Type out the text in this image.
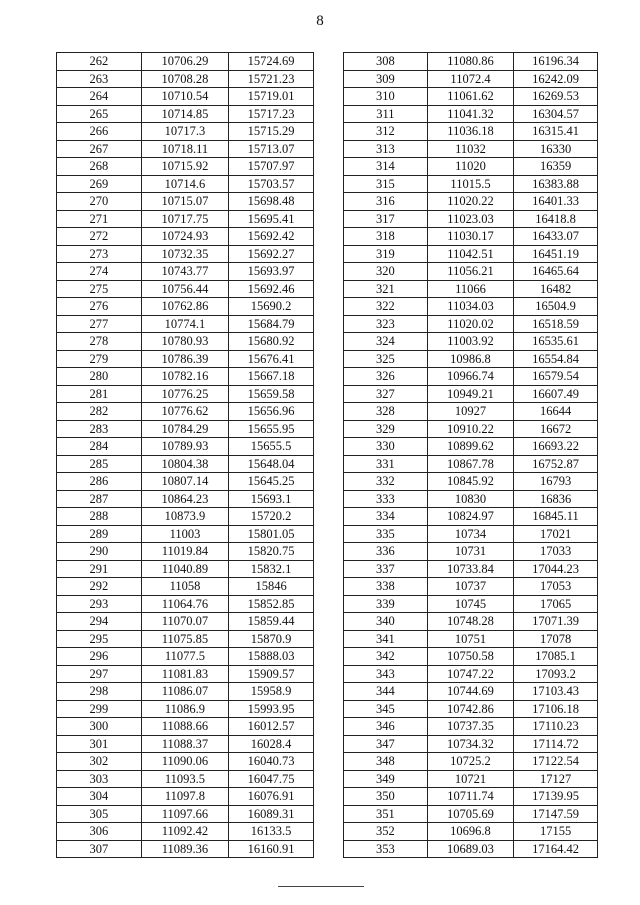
8
262	10706.29	15724.69
263	10708.28	15721.23
264	10710.54	15719.01
265	10714.85	15717.23
266	10717.3	15715.29
267	10718.11	15713.07
268	10715.92	15707.97
269	10714.6	15703.57
270	10715.07	15698.48
271	10717.75	15695.41
272	10724.93	15692.42
273	10732.35	15692.27
274	10743.77	15693.97
275	10756.44	15692.46
276	10762.86	15690.2
277	10774.1	15684.79
278	10780.93	15680.92
279	10786.39	15676.41
280	10782.16	15667.18
281	10776.25	15659.58
282	10776.62	15656.96
283	10784.29	15655.95
284	10789.93	15655.5
285	10804.38	15648.04
286	10807.14	15645.25
287	10864.23	15693.1
288	10873.9	15720.2
289	11003	15801.05
290	11019.84	15820.75
291	11040.89	15832.1
292	11058	15846
293	11064.76	15852.85
294	11070.07	15859.44
295	11075.85	15870.9
296	11077.5	15888.03
297	11081.83	15909.57
298	11086.07	15958.9
299	11086.9	15993.95
300	11088.66	16012.57
301	11088.37	16028.4
302	11090.06	16040.73
303	11093.5	16047.75
304	11097.8	16076.91
305	11097.66	16089.31
306	11092.42	16133.5
307	11089.36	16160.91
308	11080.86	16196.34
309	11072.4	16242.09
310	11061.62	16269.53
311	11041.32	16304.57
312	11036.18	16315.41
313	11032	16330
314	11020	16359
315	11015.5	16383.88
316	11020.22	16401.33
317	11023.03	16418.8
318	11030.17	16433.07
319	11042.51	16451.19
320	11056.21	16465.64
321	11066	16482
322	11034.03	16504.9
323	11020.02	16518.59
324	11003.92	16535.61
325	10986.8	16554.84
326	10966.74	16579.54
327	10949.21	16607.49
328	10927	16644
329	10910.22	16672
330	10899.62	16693.22
331	10867.78	16752.87
332	10845.92	16793
333	10830	16836
334	10824.97	16845.11
335	10734	17021
336	10731	17033
337	10733.84	17044.23
338	10737	17053
339	10745	17065
340	10748.28	17071.39
341	10751	17078
342	10750.58	17085.1
343	10747.22	17093.2
344	10744.69	17103.43
345	10742.86	17106.18
346	10737.35	17110.23
347	10734.32	17114.72
348	10725.2	17122.54
349	10721	17127
350	10711.74	17139.95
351	10705.69	17147.59
352	10696.8	17155
353	10689.03	17164.42
